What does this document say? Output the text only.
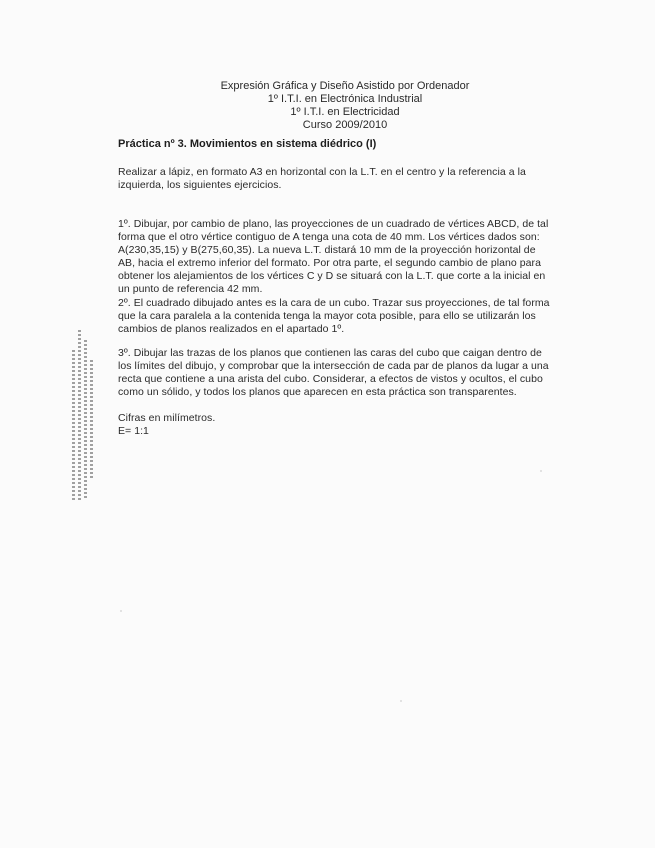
Expresión Gráfica y Diseño Asistido por Ordenador
1º I.T.I. en Electrónica Industrial
1º I.T.I. en Electricidad
Curso 2009/2010
Práctica nº 3. Movimientos en sistema diédrico (I)
Realizar a lápiz, en formato A3 en horizontal con la L.T. en el centro y la referencia a la
izquierda, los siguientes ejercicios.
1º. Dibujar, por cambio de plano, las proyecciones de un cuadrado de vértices ABCD, de tal
forma que el otro vértice contiguo de A tenga una cota de 40 mm. Los vértices dados son:
A(230,35,15) y B(275,60,35). La nueva L.T. distará 10 mm de la proyección horizontal de
AB, hacia el extremo inferior del formato. Por otra parte, el segundo cambio de plano para
obtener los alejamientos de los vértices C y D se situará con la L.T. que corte a la inicial en
un punto de referencia 42 mm.
2º. El cuadrado dibujado antes es la cara de un cubo. Trazar sus proyecciones, de tal forma
que la cara paralela a la contenida tenga la mayor cota posible, para ello se utilizarán los
cambios de planos realizados en el apartado 1º.
3º. Dibujar las trazas de los planos que contienen las caras del cubo que caigan dentro de
los límites del dibujo, y comprobar que la intersección de cada par de planos da lugar a una
recta que contiene a una arista del cubo. Considerar, a efectos de vistos y ocultos, el cubo
como un sólido, y todos los planos que aparecen en esta práctica son transparentes.
Cifras en milímetros.
E= 1:1
